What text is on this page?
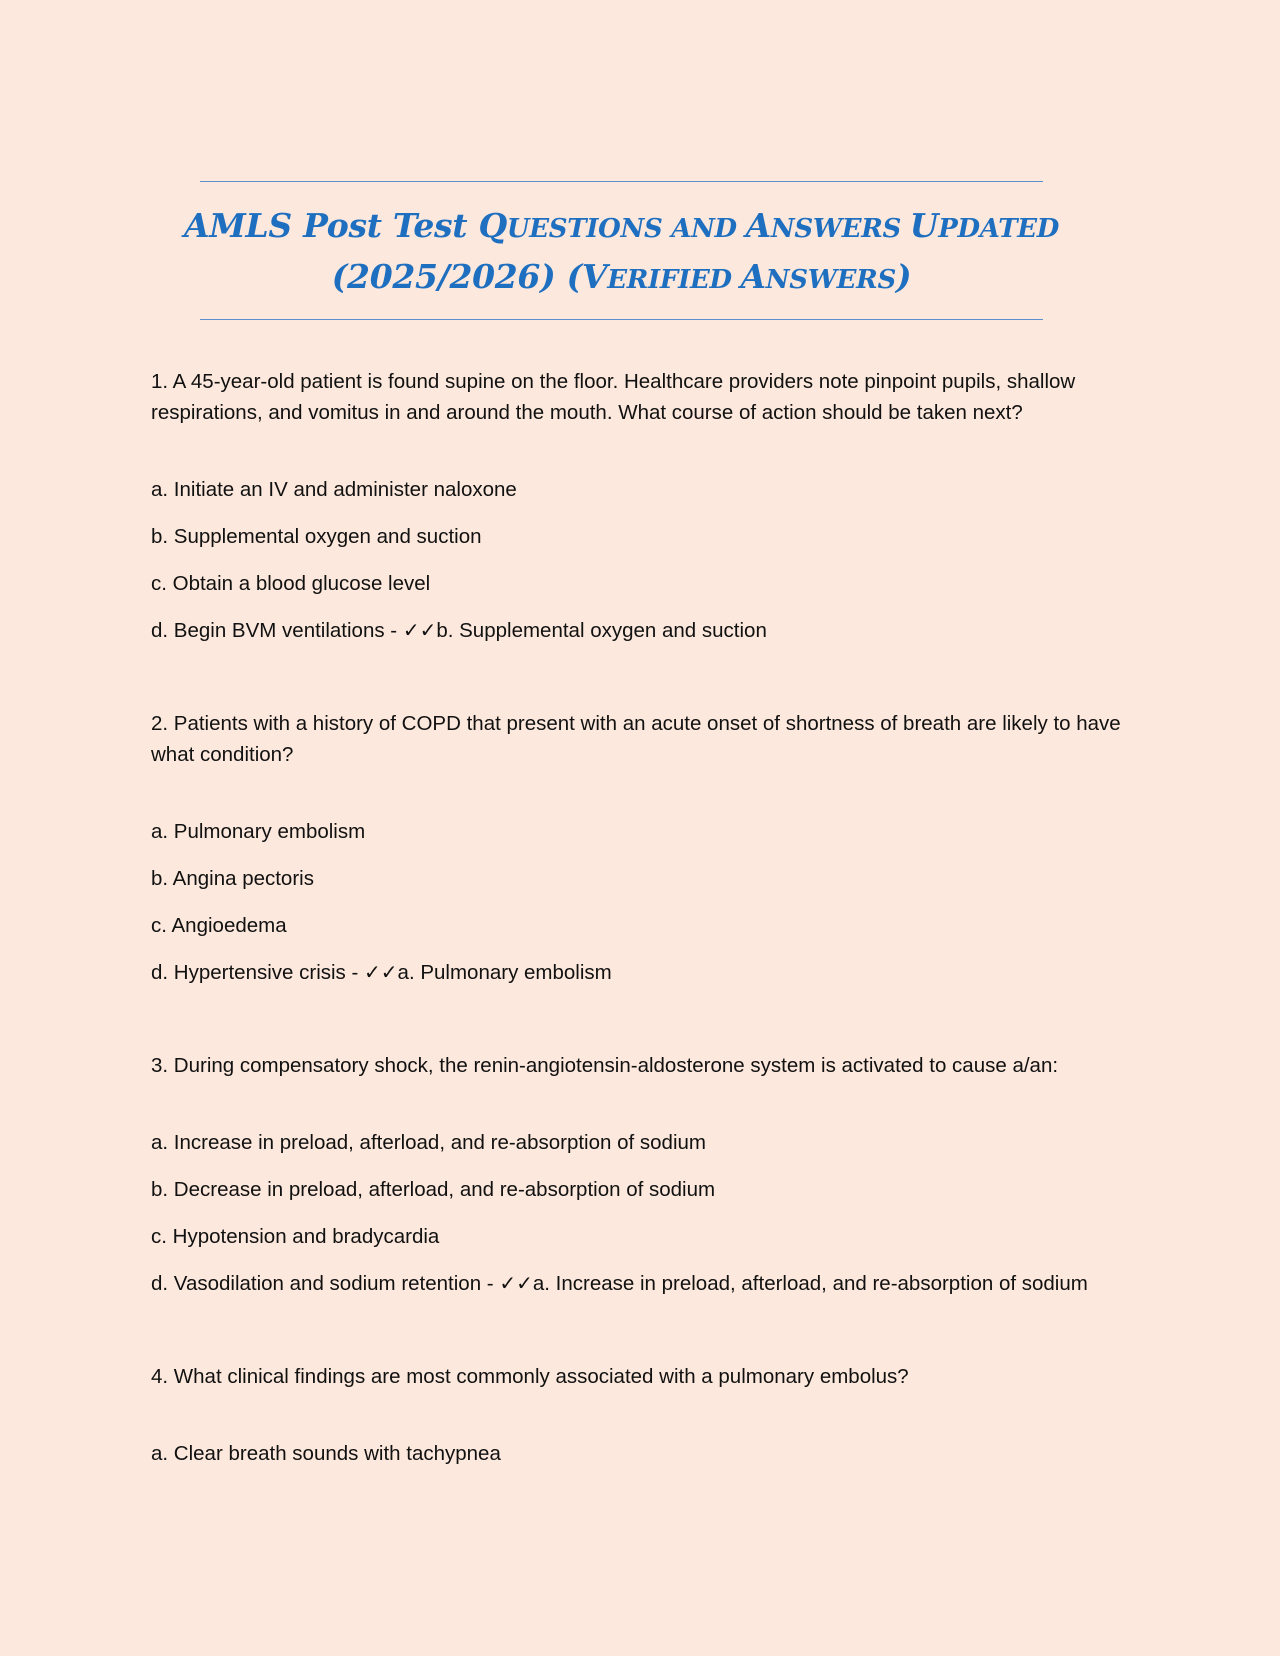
AMLS Post Test QUESTIONS AND ANSWERS UPDATED
(2025/2026) (VERIFIED ANSWERS)

1. A 45-year-old patient is found supine on the floor. Healthcare providers note pinpoint pupils, shallow respirations, and vomitus in and around the mouth. What course of action should be taken next?

a. Initiate an IV and administer naloxone

b. Supplemental oxygen and suction

c. Obtain a blood glucose level

d. Begin BVM ventilations - ✓✓b. Supplemental oxygen and suction

2. Patients with a history of COPD that present with an acute onset of shortness of breath are likely to have what condition?

a. Pulmonary embolism

b. Angina pectoris

c. Angioedema

d. Hypertensive crisis - ✓✓a. Pulmonary embolism

3. During compensatory shock, the renin-angiotensin-aldosterone system is activated to cause a/an:

a. Increase in preload, afterload, and re-absorption of sodium

b. Decrease in preload, afterload, and re-absorption of sodium

c. Hypotension and bradycardia

d. Vasodilation and sodium retention - ✓✓a. Increase in preload, afterload, and re-absorption of sodium

4. What clinical findings are most commonly associated with a pulmonary embolus?

a. Clear breath sounds with tachypnea
